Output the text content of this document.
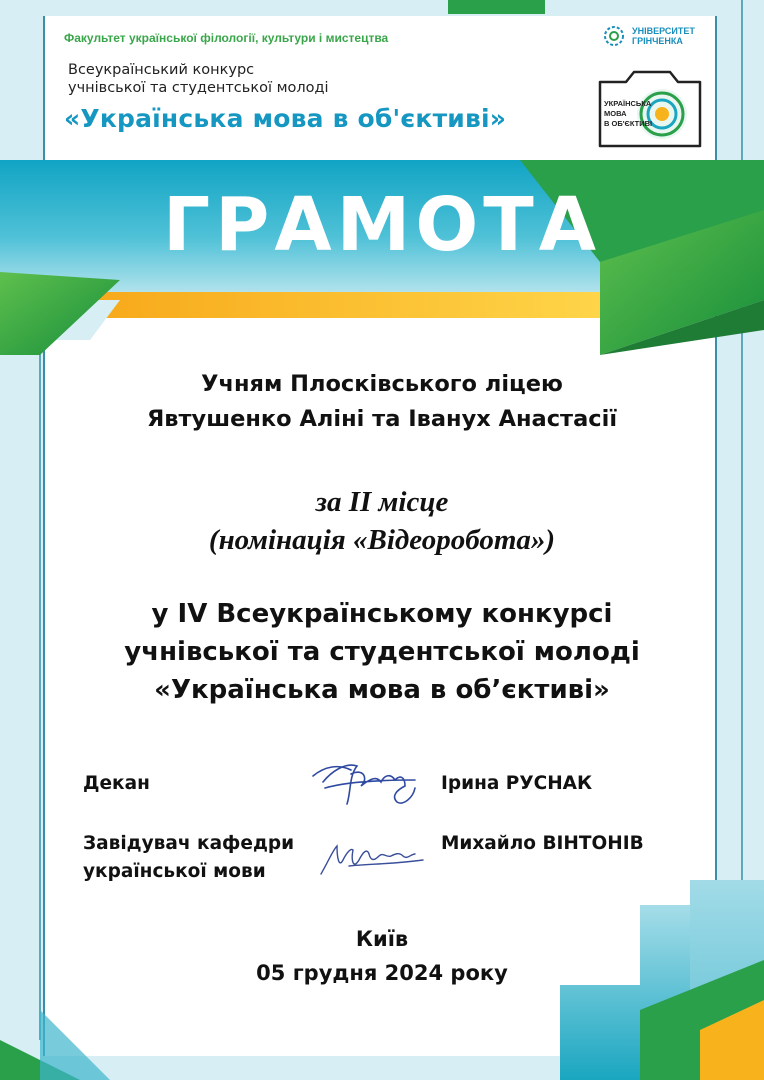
Факультет української філології, культури і мистецтва
Всеукраїнський конкурс
учнівської та студентської молоді
«Українська мова в об'єктиві»
УНІВЕРСИТЕТ
ГРІНЧЕНКА
УКРАЇНСЬКА
МОВА
В ОБ'ЄКТИВІ
ГРАМОТА
Учням Плосківського ліцею
Явтушенко Аліні та Іванух Анастасії
за ІІ місце
(номінація «Відеоробота»)
у IV Всеукраїнському конкурсі
учнівської та студентської молоді
«Українська мова в об’єктиві»
Декан	Ірина РУСНАК
Завідувач кафедри
української мови
Михайло ВІНТОНІВ
Київ
05 грудня 2024 року
